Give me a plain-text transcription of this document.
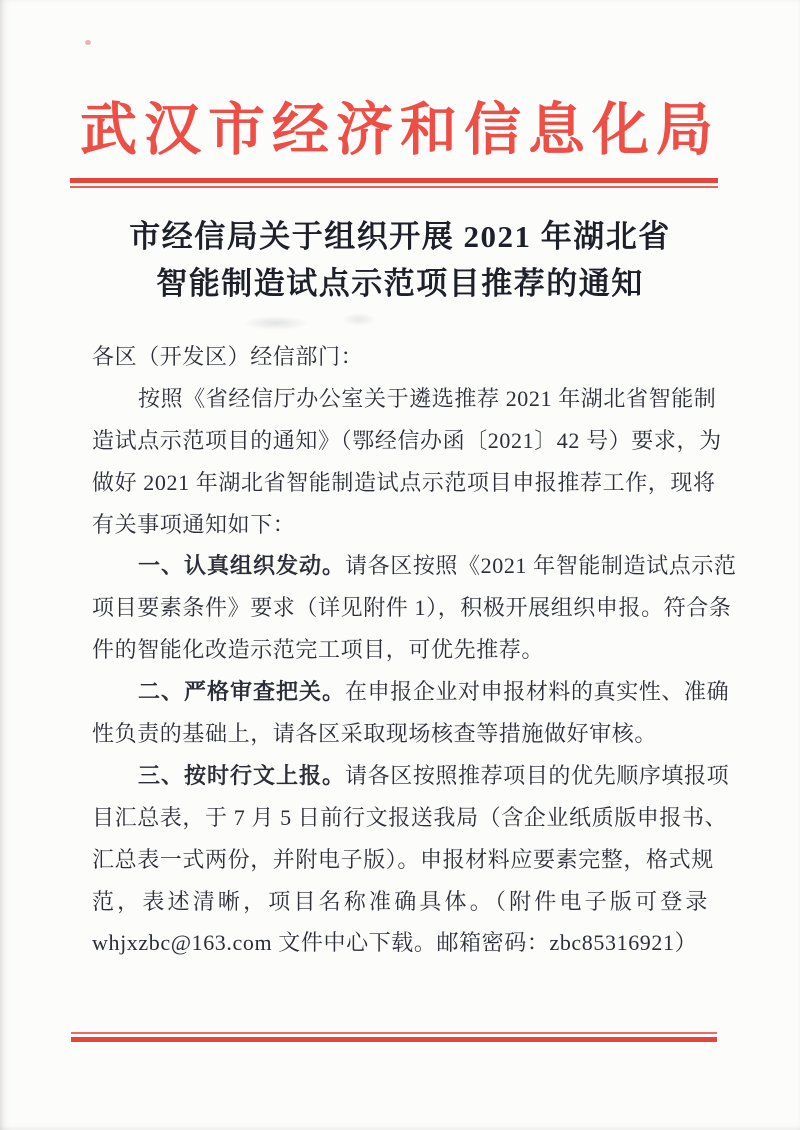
武汉市经济和信息化局
市经信局关于组织开展 2021 年湖北省
智能制造试点示范项目推荐的通知
各区（开发区）经信部门：
按照《省经信厅办公室关于遴选推荐 2021 年湖北省智能制
造试点示范项目的通知》（鄂经信办函〔2021〕42 号）要求，为
做好 2021 年湖北省智能制造试点示范项目申报推荐工作，现将
有关事项通知如下：
一、认真组织发动。请各区按照《2021 年智能制造试点示范
项目要素条件》要求（详见附件 1），积极开展组织申报。符合条
件的智能化改造示范完工项目，可优先推荐。
二、严格审查把关。在申报企业对申报材料的真实性、准确
性负责的基础上，请各区采取现场核查等措施做好审核。
三、按时行文上报。请各区按照推荐项目的优先顺序填报项
目汇总表，于 7 月 5 日前行文报送我局（含企业纸质版申报书、
汇总表一式两份，并附电子版）。申报材料应要素完整，格式规
范，表述清晰，项目名称准确具体。（附件电子版可登录
whjxzbc@163.com 文件中心下载。邮箱密码：zbc85316921）
